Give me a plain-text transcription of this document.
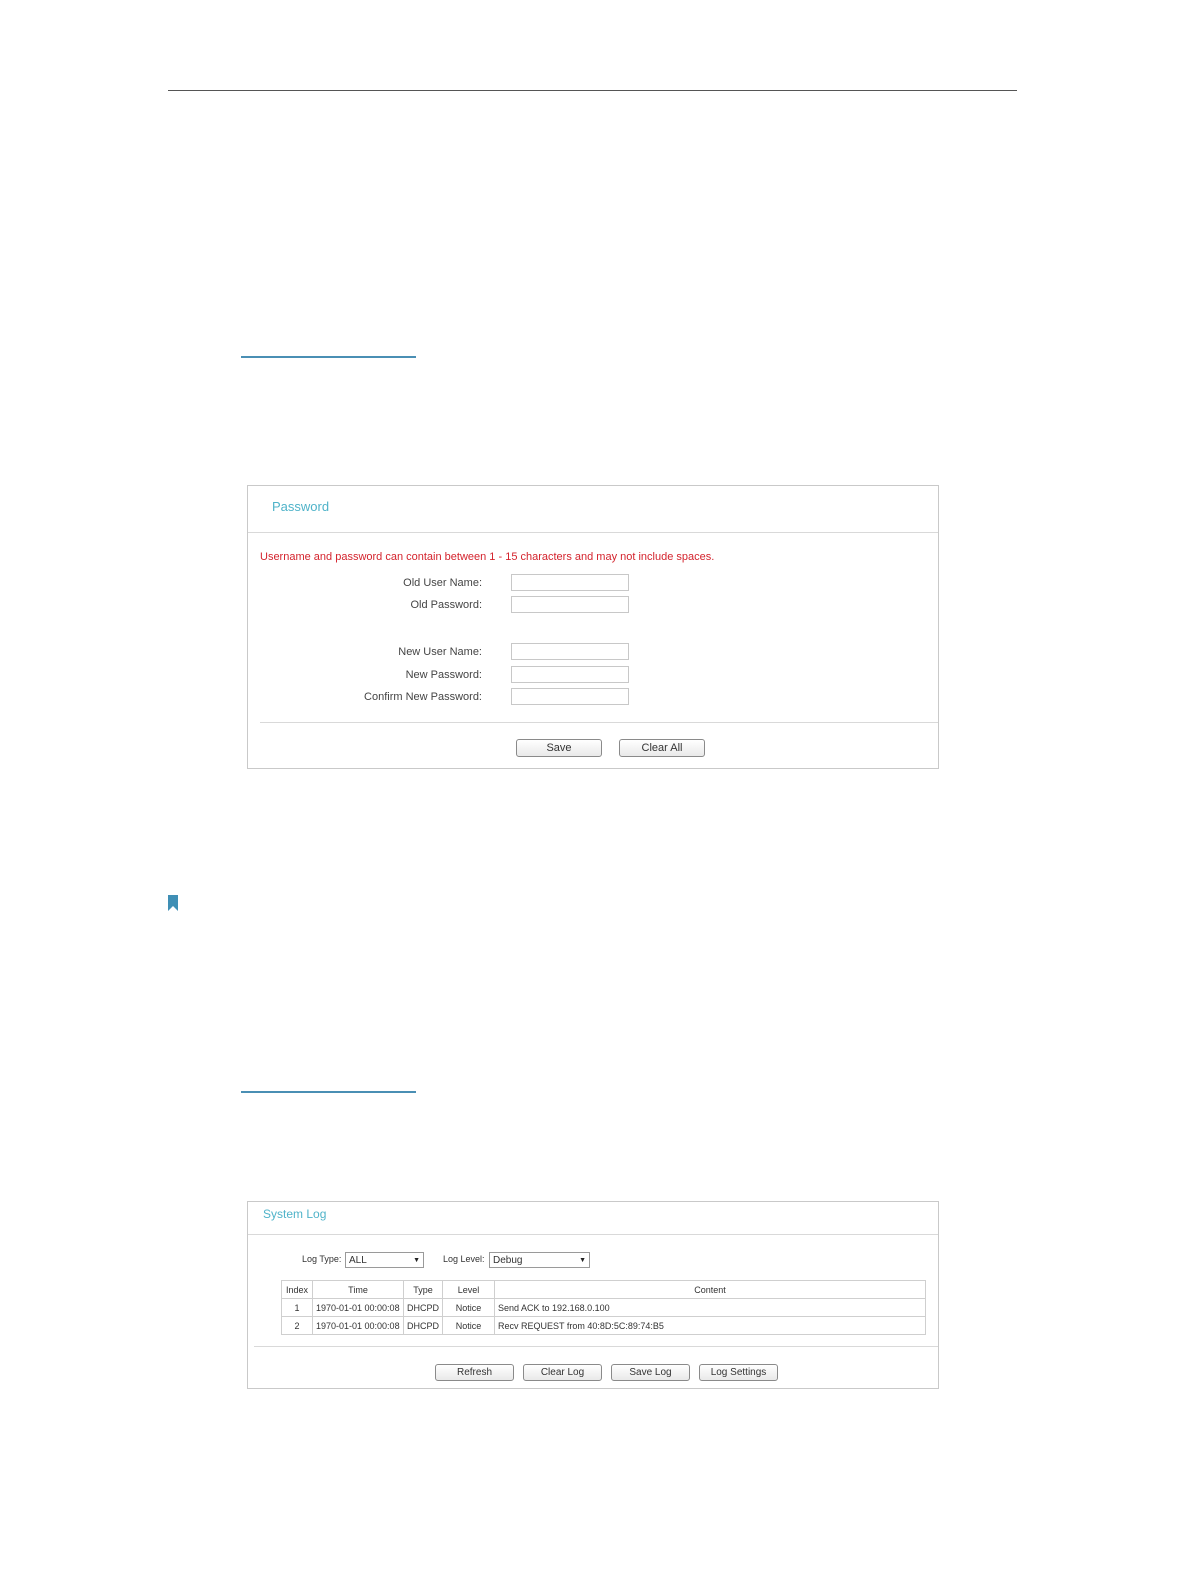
Password
Username and password can contain between 1 - 15 characters and may not include spaces.
Old User Name:
Old Password:
New User Name:
New Password:
Confirm New Password:
Save	Clear All
System Log
Log Type: ALL	▼	Log Level: Debug	▼
Index	Time	Type	Level	Content
1	1970-01-01 00:00:08	DHCPD	Notice	Send ACK to 192.168.0.100
2	1970-01-01 00:00:08	DHCPD	Notice	Recv REQUEST from 40:8D:5C:89:74:B5
Refresh	Clear Log	Save Log	Log Settings
